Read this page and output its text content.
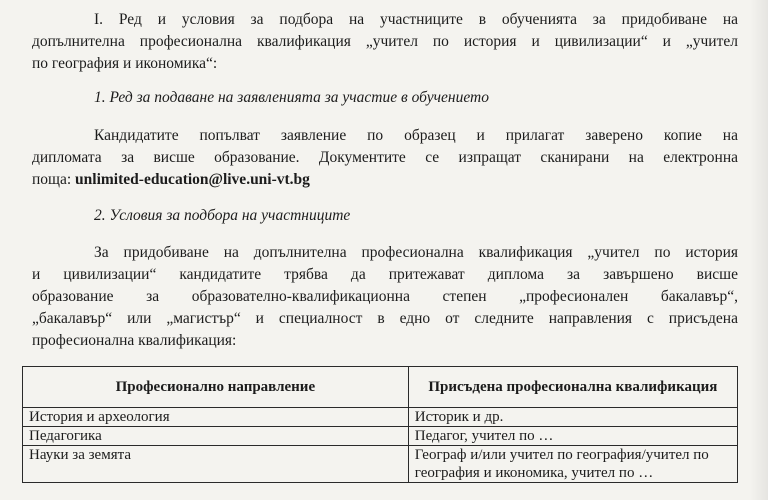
I. Ред и условия за подбора на участниците в обученията за придобиване на
допълнителна професионална квалификация „учител по история и цивилизации“ и „учител
по география и икономика“:
1. Ред за подаване на заявленията за участие в обучението
Кандидатите попълват заявление по образец и прилагат заверено копие на
дипломата за висше образование. Документите се изпращат сканирани на електронна
поща: unlimited-education@live.uni-vt.bg
2. Условия за подбора на участниците
За придобиване на допълнителна професионална квалификация „учител по история
и цивилизации“ кандидатите трябва да притежават диплома за завършено висше
образование за образователно-квалификационна степен „професионален бакалавър“,
„бакалавър“ или „магистър“ и специалност в едно от следните направления с присъдена
професионална квалификация:
Професионално направление	Присъдена професионална квалификация
История и археология	Историк и др.
Педагогика	Педагог, учител по …
Науки за земята	Географ и/или учител по география/учител по география и икономика, учител по …
